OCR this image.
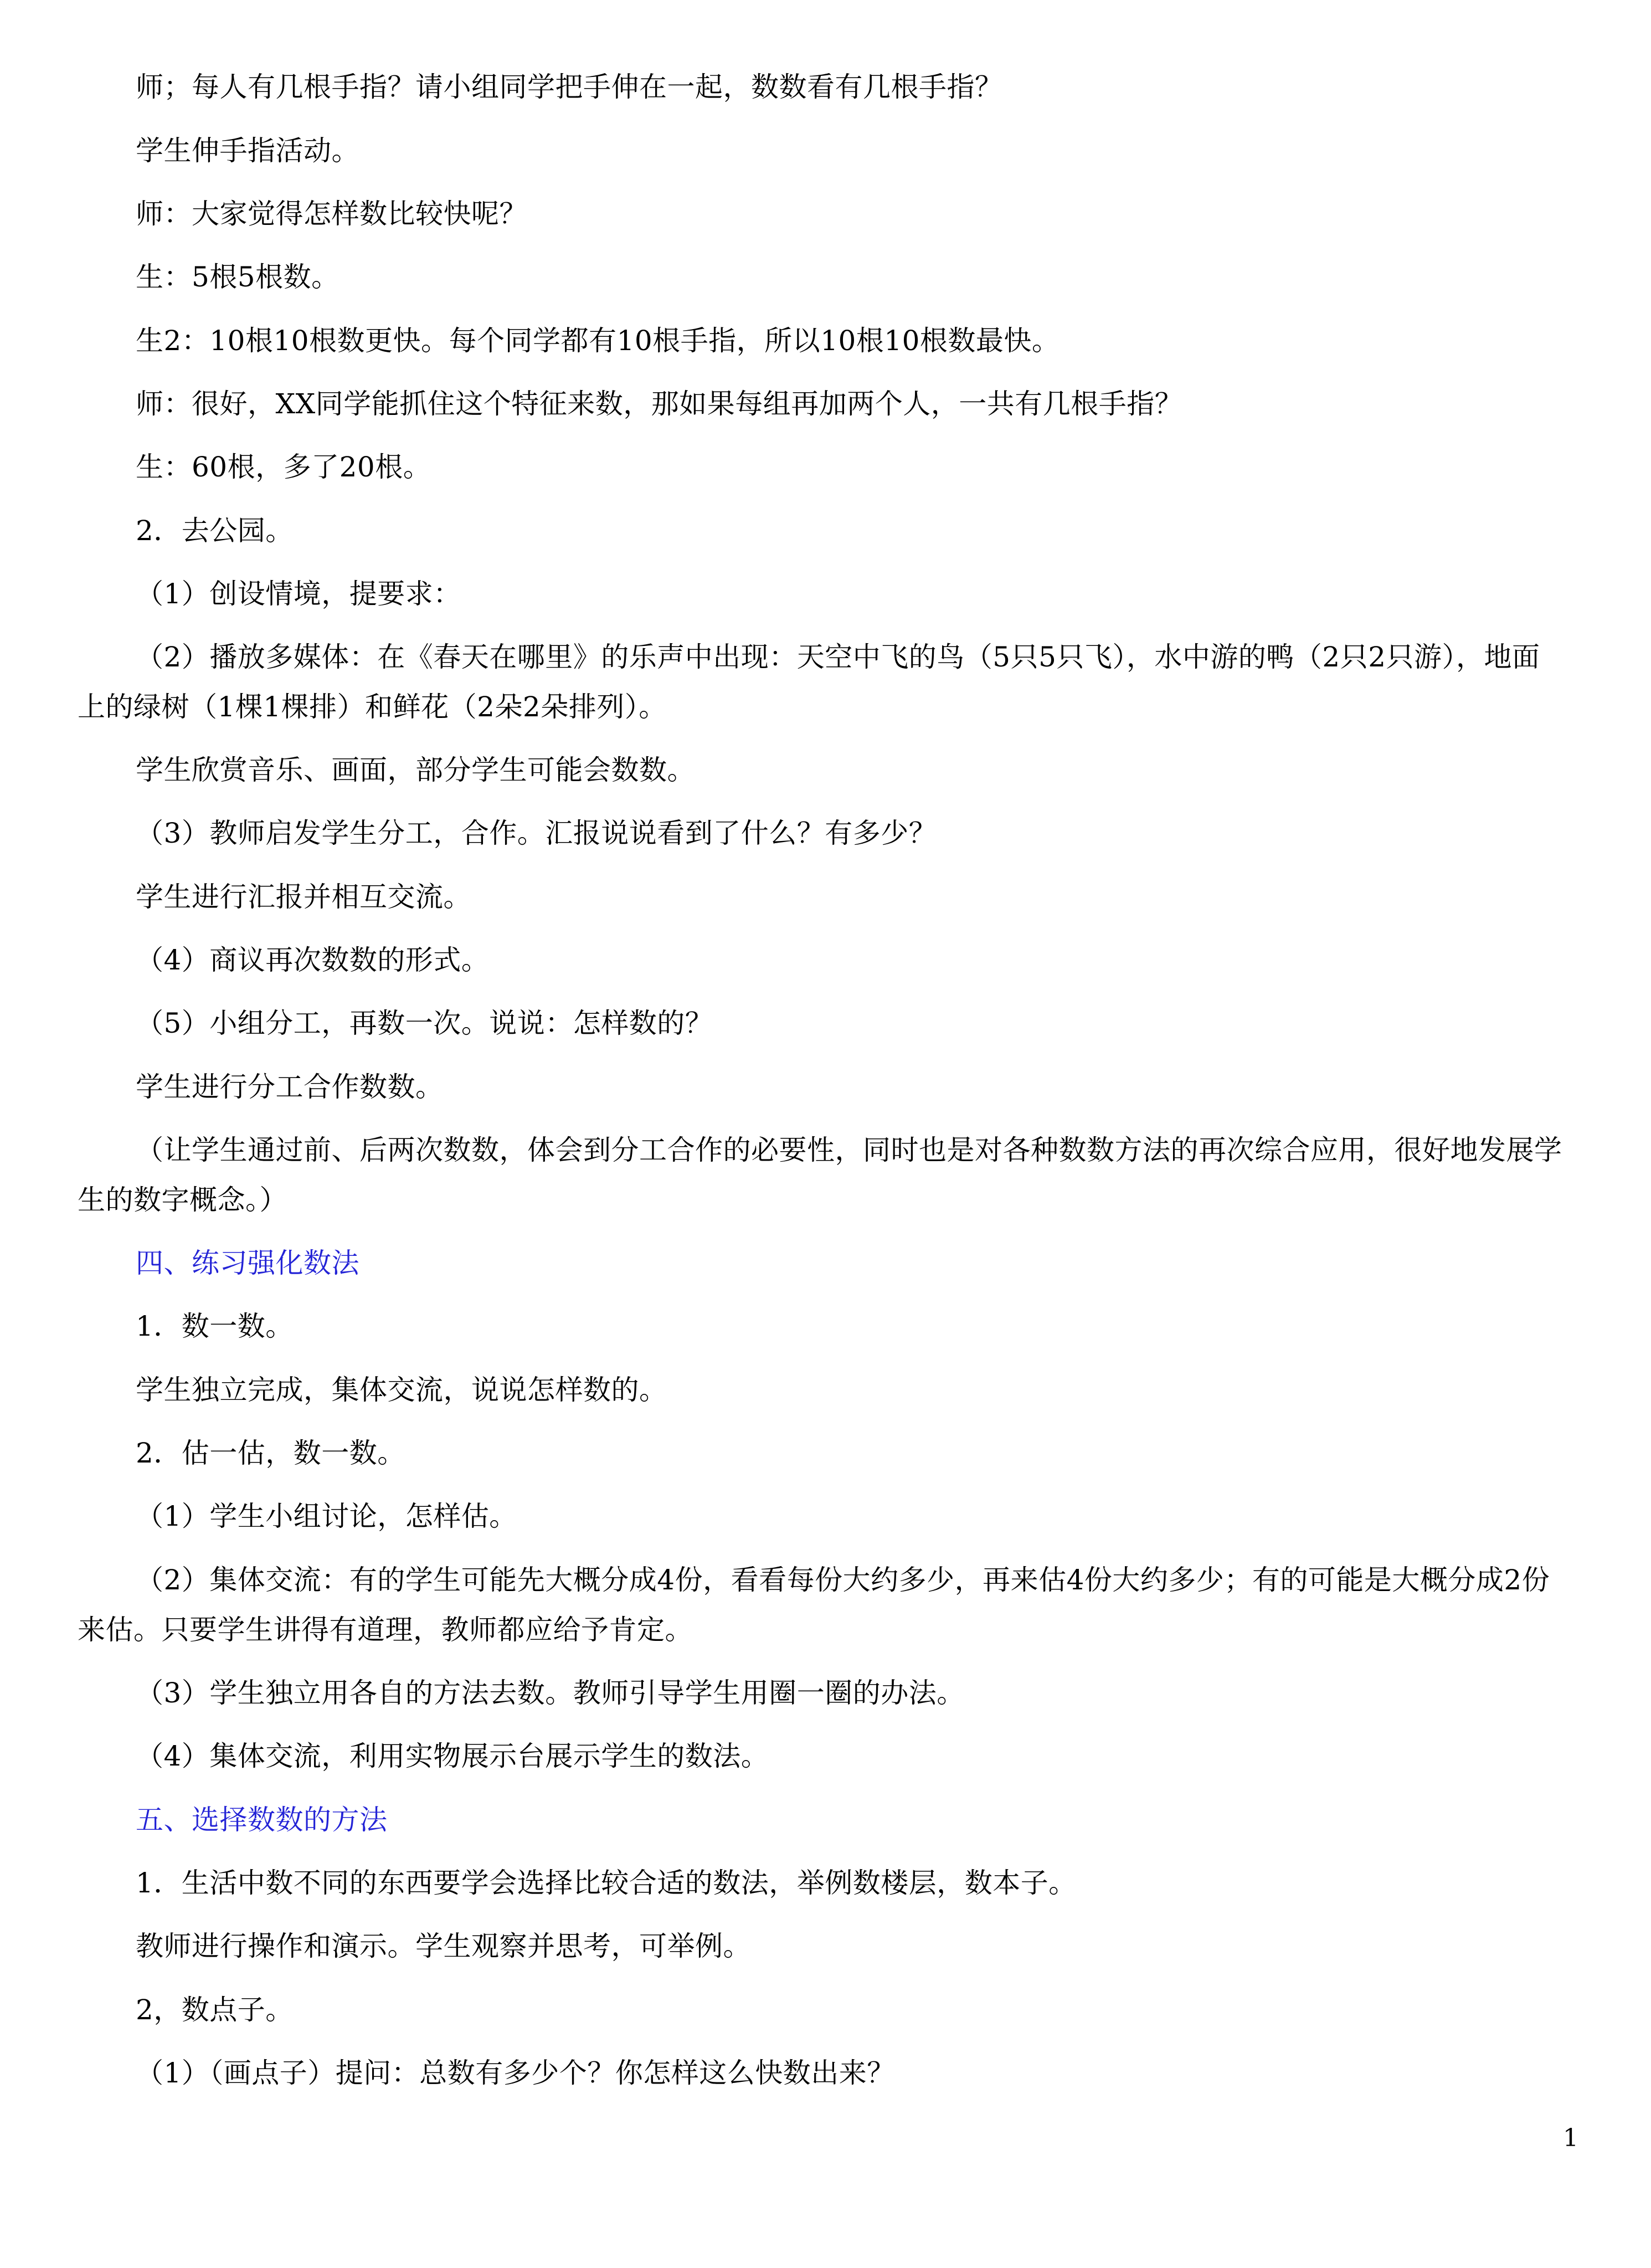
师；每人有几根手指？请小组同学把手伸在一起，数数看有几根手指？
学生伸手指活动。
师：大家觉得怎样数比较快呢？
生：5根5根数。
生2：10根10根数更快。每个同学都有10根手指，所以10根10根数最快。
师：很好，XX同学能抓住这个特征来数，那如果每组再加两个人，一共有几根手指？
生：60根，多了20根。
2．去公园。
（1）创设情境，提要求：
（2）播放多媒体：在《春天在哪里》的乐声中出现：天空中飞的鸟（5只5只飞），水中游的鸭（2只2只游），地面
上的绿树（1棵1棵排）和鲜花（2朵2朵排列）。
学生欣赏音乐、画面，部分学生可能会数数。
（3）教师启发学生分工，合作。汇报说说看到了什么？有多少？
学生进行汇报并相互交流。
（4）商议再次数数的形式。
（5）小组分工，再数一次。说说：怎样数的？
学生进行分工合作数数。
（让学生通过前、后两次数数，体会到分工合作的必要性，同时也是对各种数数方法的再次综合应用，很好地发展学
生的数字概念。）
四、练习强化数法
1．数一数。
学生独立完成，集体交流，说说怎样数的。
2．估一估，数一数。
（1）学生小组讨论，怎样估。
（2）集体交流：有的学生可能先大概分成4份，看看每份大约多少，再来估4份大约多少；有的可能是大概分成2份
来估。只要学生讲得有道理，教师都应给予肯定。
（3）学生独立用各自的方法去数。教师引导学生用圈一圈的办法。
（4）集体交流，利用实物展示台展示学生的数法。
五、选择数数的方法
1．生活中数不同的东西要学会选择比较合适的数法，举例数楼层，数本子。
教师进行操作和演示。学生观察并思考，可举例。
2，数点子。
（1）（画点子）提问：总数有多少个？你怎样这么快数出来？
1
